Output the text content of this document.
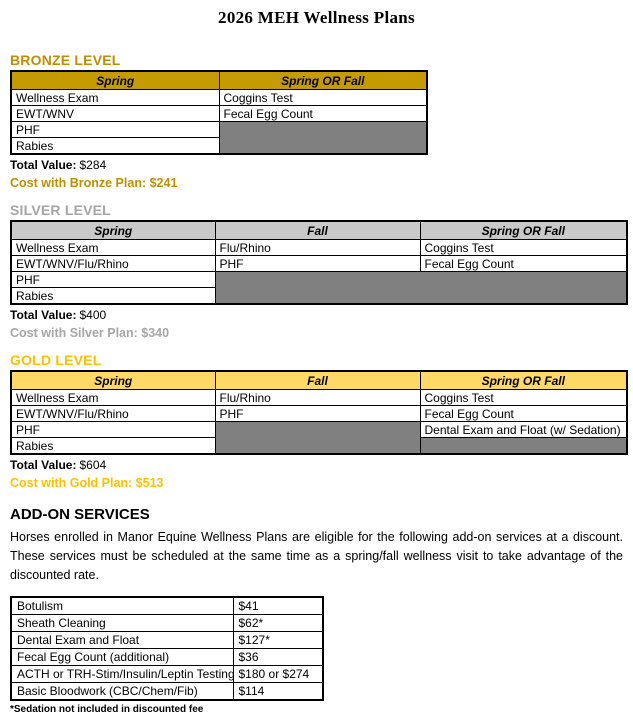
2026 MEH Wellness Plans
BRONZE LEVEL
Spring	Spring OR Fall
Wellness Exam	Coggins Test
EWT/WNV	Fecal Egg Count
PHF	
Rabies	
Total Value: $284
Cost with Bronze Plan: $241
SILVER LEVEL
Spring	Fall	Spring OR Fall
Wellness Exam	Flu/Rhino	Coggins Test
EWT/WNV/Flu/Rhino	PHF	Fecal Egg Count
PHF		
Rabies		
Total Value: $400
Cost with Silver Plan: $340
GOLD LEVEL
Spring	Fall	Spring OR Fall
Wellness Exam	Flu/Rhino	Coggins Test
EWT/WNV/Flu/Rhino	PHF	Fecal Egg Count
PHF		Dental Exam and Float (w/ Sedation)
Rabies		
Total Value: $604
Cost with Gold Plan: $513
ADD-ON SERVICES

Horses enrolled in Manor Equine Wellness Plans are eligible for the following add-on services at a discount. These services must be scheduled at the same time as a spring/fall wellness visit to take advantage of the discounted rate.

Botulism	$41
Sheath Cleaning	$62*
Dental Exam and Float	$127*
Fecal Egg Count (additional)	$36
ACTH or TRH-Stim/Insulin/Leptin Testing	$180 or $274
Basic Bloodwork (CBC/Chem/Fib)	$114
*Sedation not included in discounted fee
